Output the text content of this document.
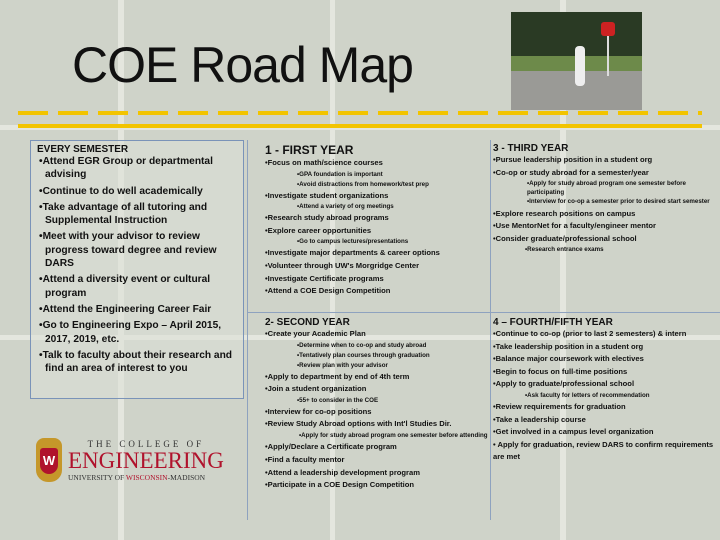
COE Road Map
EVERY SEMESTER
•Attend EGR Group or departmental advising
•Continue to do well academically
•Take advantage of all tutoring and Supplemental Instruction
•Meet with your advisor to review progress toward degree and review DARS
•Attend a diversity event or cultural program
•Attend the Engineering Career Fair
•Go to Engineering Expo – April 2015, 2017, 2019, etc.
•Talk to faculty about their research and find an area of interest to you
1 - FIRST YEAR
•Focus on math/science courses
•GPA foundation is important
•Avoid distractions from homework/test prep
•Investigate student organizations
•Attend a variety of org meetings
•Research study abroad programs
•Explore career opportunities
•Go to campus lectures/presentations
•Investigate major departments & career options
•Volunteer through UW's Morgridge Center
•Investigate Certificate programs
•Attend a COE Design Competition
2- SECOND YEAR
•Create your Academic Plan
•Determine when to co-op and study abroad
•Tentatively plan courses through graduation
•Review plan with your advisor
•Apply to department by end of 4th term
•Join a student organization
•55+ to consider in the COE
•Interview for co-op positions
•Review Study Abroad options with Int'l Studies Dir.
•Apply for study abroad program one semester before attending
•Apply/Declare a Certificate program
•Find a faculty mentor
•Attend a leadership development program
•Participate in a COE Design Competition
3 - THIRD YEAR
•Pursue leadership position in a student org
•Co-op or study abroad for a semester/year
•Apply for study abroad program one semester before participating
•Interview for co-op a semester prior to desired start semester
•Explore research positions on campus
•Use MentorNet for a faculty/engineer mentor
•Consider graduate/professional school
•Research entrance exams
4 – FOURTH/FIFTH YEAR
•Continue to co-op (prior to last 2 semesters) & intern
•Take leadership position in a student org
•Balance major coursework with electives
•Begin to focus on full-time positions
•Apply to graduate/professional school
•Ask faculty for letters of recommendation
•Review requirements for graduation
•Take a leadership course
•Get involved in a campus level organization
• Apply for graduation, review DARS to confirm requirements are met
W
THE COLLEGE OF
ENGINEERING
UNIVERSITY OF WISCONSIN-MADISON
